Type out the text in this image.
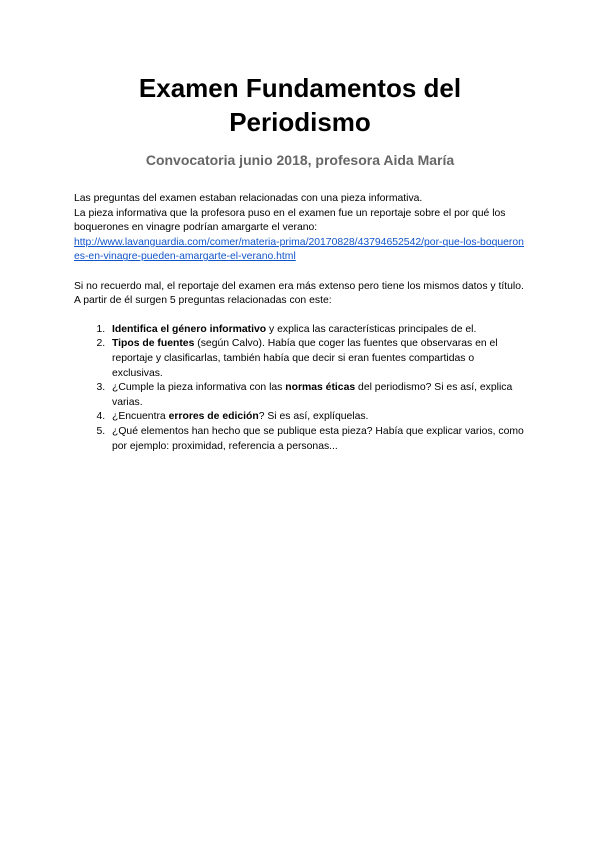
Examen Fundamentos del Periodismo
Convocatoria junio 2018, profesora Aida María

Las preguntas del examen estaban relacionadas con una pieza informativa.

La pieza informativa que la profesora puso en el examen fue un reportaje sobre el por qué los boquerones en vinagre podrían amargarte el verano:

http://www.lavanguardia.com/comer/materia-prima/20170828/43794652542/por-que-los-boquerones-en-vinagre-pueden-amargarte-el-verano.html

Si no recuerdo mal, el reportaje del examen era más extenso pero tiene los mismos datos y título. A partir de él surgen 5 preguntas relacionadas con este:

1. Identifica el género informativo y explica las características principales de el.
2. Tipos de fuentes (según Calvo). Había que coger las fuentes que observaras en el reportaje y clasificarlas, también había que decir si eran fuentes compartidas o exclusivas.
3. ¿Cumple la pieza informativa con las normas éticas del periodismo? Si es así, explica varias.
4. ¿Encuentra errores de edición? Si es así, explíquelas.
5. ¿Qué elementos han hecho que se publique esta pieza? Había que explicar varios, como por ejemplo: proximidad, referencia a personas...
